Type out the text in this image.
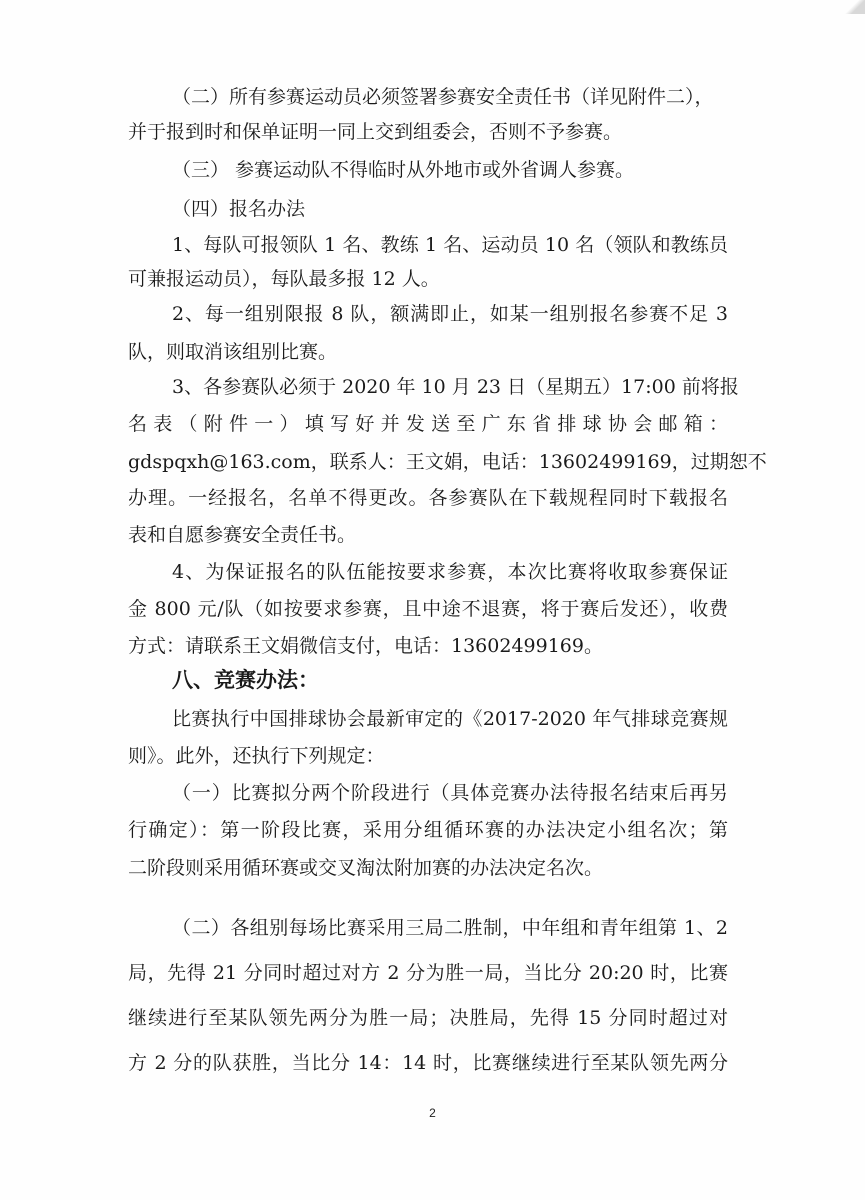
（二）所有参赛运动员必须签署参赛安全责任书（详见附件二），
并于报到时和保单证明一同上交到组委会，否则不予参赛。
（三） 参赛运动队不得临时从外地市或外省调人参赛。
（四）报名办法
1、每队可报领队 1 名、教练 1 名、运动员 10 名（领队和教练员
可兼报运动员），每队最多报 12 人。
2、每一组别限报 8 队，额满即止，如某一组别报名参赛不足 3
队，则取消该组别比赛。
3、各参赛队必须于 2020 年 10 月 23 日（星期五）17:00 前将报
名表（附件一）填写好并发送至广东省排球协会邮箱：
gdspqxh@163.com，联系人：王文娟，电话：13602499169，过期恕不
办理。一经报名，名单不得更改。各参赛队在下载规程同时下载报名
表和自愿参赛安全责任书。
4、为保证报名的队伍能按要求参赛，本次比赛将收取参赛保证
金 800 元/队（如按要求参赛，且中途不退赛，将于赛后发还），收费
方式：请联系王文娟微信支付，电话：13602499169。
八、竞赛办法：
比赛执行中国排球协会最新审定的《2017-2020 年气排球竞赛规
则》。此外，还执行下列规定：
（一）比赛拟分两个阶段进行（具体竞赛办法待报名结束后再另
行确定）：第一阶段比赛，采用分组循环赛的办法决定小组名次；第
二阶段则采用循环赛或交叉淘汰附加赛的办法决定名次。
（二）各组别每场比赛采用三局二胜制，中年组和青年组第 1、2
局，先得 21 分同时超过对方 2 分为胜一局，当比分 20:20 时，比赛
继续进行至某队领先两分为胜一局；决胜局，先得 15 分同时超过对
方 2 分的队获胜，当比分 14：14 时，比赛继续进行至某队领先两分
2
